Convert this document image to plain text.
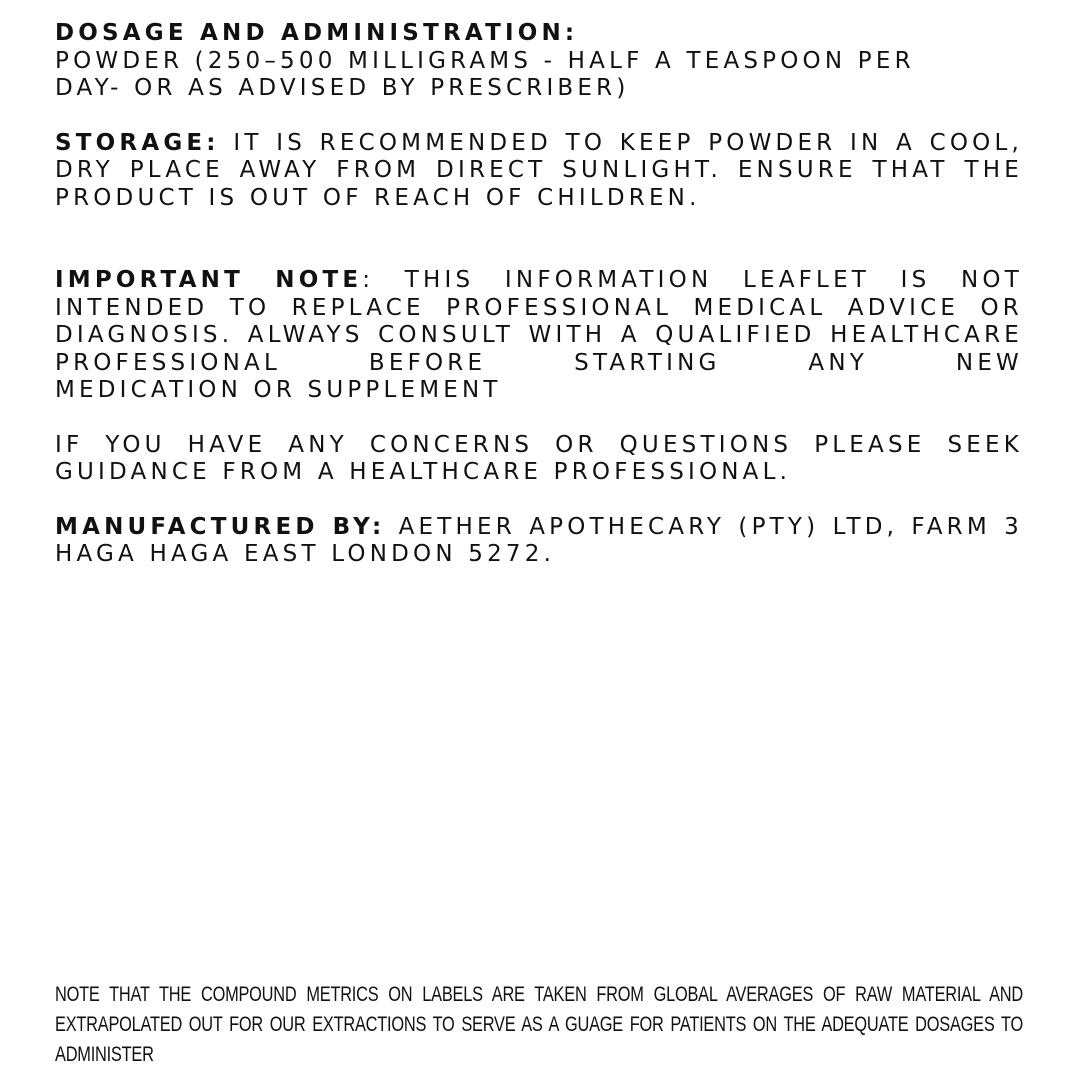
DOSAGE AND ADMINISTRATION:
POWDER (250–500 MILLIGRAMS - HALF A TEASPOON PER
DAY- OR AS ADVISED BY PRESCRIBER)

STORAGE: IT IS RECOMMENDED TO KEEP POWDER IN A COOL, DRY PLACE AWAY FROM DIRECT SUNLIGHT. ENSURE THAT THE
PRODUCT IS OUT OF REACH OF CHILDREN.

IMPORTANT NOTE: THIS INFORMATION LEAFLET IS NOT INTENDED TO REPLACE PROFESSIONAL MEDICAL ADVICE OR DIAGNOSIS. ALWAYS CONSULT WITH A QUALIFIED HEALTHCARE PROFESSIONAL BEFORE STARTING ANY NEW
MEDICATION OR SUPPLEMENT

IF YOU HAVE ANY CONCERNS OR QUESTIONS PLEASE SEEK
GUIDANCE FROM A HEALTHCARE PROFESSIONAL.

MANUFACTURED BY: AETHER APOTHECARY (PTY) LTD, FARM 3
HAGA HAGA EAST LONDON 5272.

NOTE THAT THE COMPOUND METRICS ON LABELS ARE TAKEN FROM GLOBAL AVERAGES OF RAW MATERIAL AND EXTRAPOLATED OUT FOR OUR EXTRACTIONS TO SERVE AS A GUAGE FOR PATIENTS ON THE ADEQUATE DOSAGES TO ADMINISTER
